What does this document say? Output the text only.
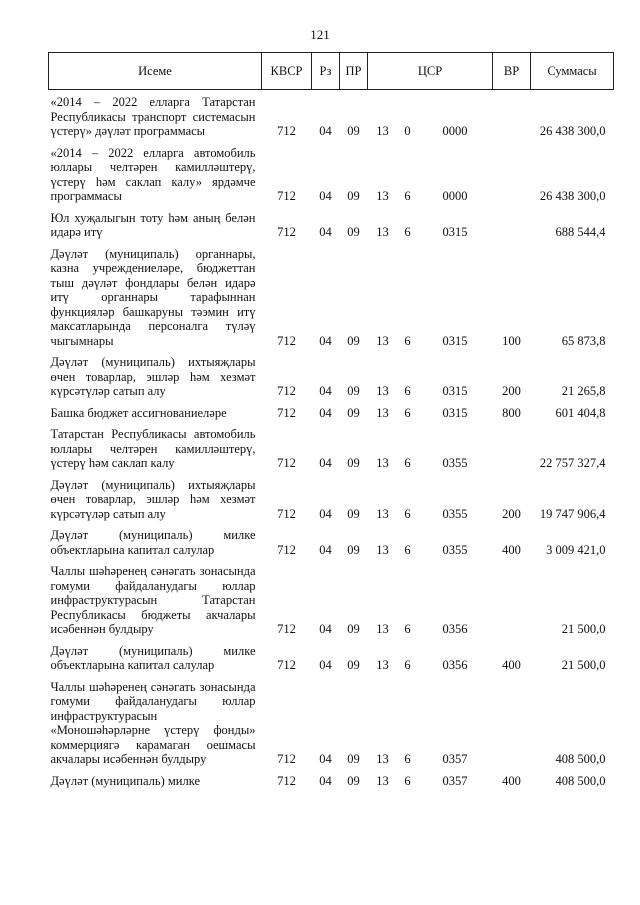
121
Исеме	КВСР	Рз	ПР	ЦСР			ВР	Суммасы
«2014 – 2022 елларга Татарстан Республикасы транспорт системасын үстерү» дәүләт программасы	712	04	09	13	0	0000		26 438 300,0
«2014 – 2022 елларга автомобиль юллары челтәрен камилләштерү, үстерү һәм саклап калу» ярдәмче программасы	712	04	09	13	6	0000		26 438 300,0
Юл хуҗалыгын тоту һәм аның белән идарә итү	712	04	09	13	6	0315		688 544,4
Дәүләт (муниципаль) органнары, казна учреждениеләре, бюджеттан тыш дәүләт фондлары белән идарә итү органнары тарафыннан функцияләр башкаруны тәэмин итү максатларында персоналга түләү чыгымнары	712	04	09	13	6	0315	100	65 873,8
Дәүләт (муниципаль) ихтыяҗлары өчен товарлар, эшләр һәм хезмәт күрсәтүләр сатып алу	712	04	09	13	6	0315	200	21 265,8
Башка бюджет ассигнованиеләре	712	04	09	13	6	0315	800	601 404,8
Татарстан Республикасы автомобиль юллары челтәрен камилләштерү, үстерү һәм саклап калу	712	04	09	13	6	0355		22 757 327,4
Дәүләт (муниципаль) ихтыяҗлары өчен товарлар, эшләр һәм хезмәт күрсәтүләр сатып алу	712	04	09	13	6	0355	200	19 747 906,4
Дәүләт (муниципаль) милке объектларына капитал салулар	712	04	09	13	6	0355	400	3 009 421,0
Чаллы шәһәренең сәнәгать зонасында гомуми файдаланудагы юллар инфраструктурасын Татарстан Республикасы бюджеты акчалары исәбеннән булдыру	712	04	09	13	6	0356		21 500,0
Дәүләт (муниципаль) милке объектларына капитал салулар	712	04	09	13	6	0356	400	21 500,0
Чаллы шәһәренең сәнәгать зонасында гомуми файдаланудагы юллар инфраструктурасын «Моношәһәрләрне үстерү фонды» коммерциягә карамаган оешмасы акчалары исәбеннән булдыру	712	04	09	13	6	0357		408 500,0
Дәүләт (муниципаль) милке	712	04	09	13	6	0357	400	408 500,0
